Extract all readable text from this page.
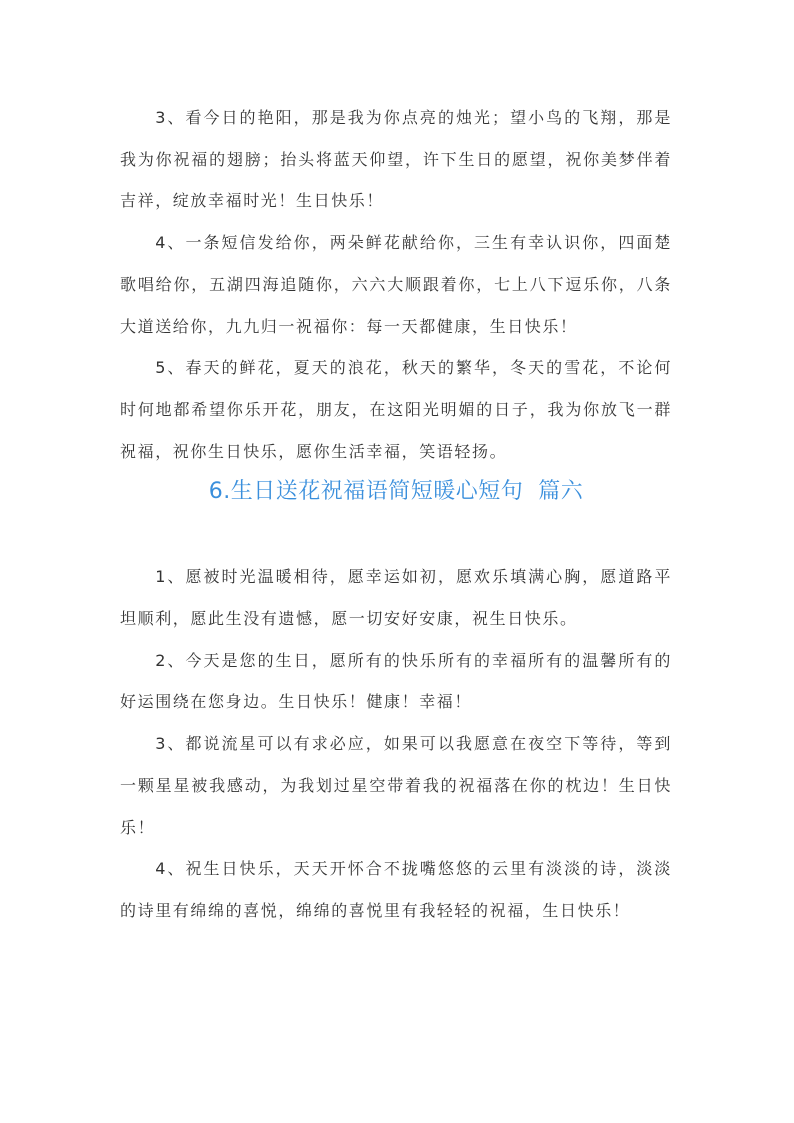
3、看今日的艳阳，那是我为你点亮的烛光；望小鸟的飞翔，那是我为你祝福的翅膀；抬头将蓝天仰望，许下生日的愿望，祝你美梦伴着吉祥，绽放幸福时光！生日快乐！

4、一条短信发给你，两朵鲜花献给你，三生有幸认识你，四面楚歌唱给你，五湖四海追随你，六六大顺跟着你，七上八下逗乐你，八条大道送给你，九九归一祝福你：每一天都健康，生日快乐！

5、春天的鲜花，夏天的浪花，秋天的繁华，冬天的雪花，不论何时何地都希望你乐开花，朋友，在这阳光明媚的日子，我为你放飞一群祝福，祝你生日快乐，愿你生活幸福，笑语轻扬。

6.生日送花祝福语简短暖心短句  篇六

1、愿被时光温暖相待，愿幸运如初，愿欢乐填满心胸，愿道路平坦顺利，愿此生没有遗憾，愿一切安好安康，祝生日快乐。

2、今天是您的生日，愿所有的快乐所有的幸福所有的温馨所有的好运围绕在您身边。生日快乐！健康！幸福！

3、都说流星可以有求必应，如果可以我愿意在夜空下等待，等到一颗星星被我感动，为我划过星空带着我的祝福落在你的枕边！生日快乐！

4、祝生日快乐，天天开怀合不拢嘴悠悠的云里有淡淡的诗，淡淡的诗里有绵绵的喜悦，绵绵的喜悦里有我轻轻的祝福，生日快乐！
